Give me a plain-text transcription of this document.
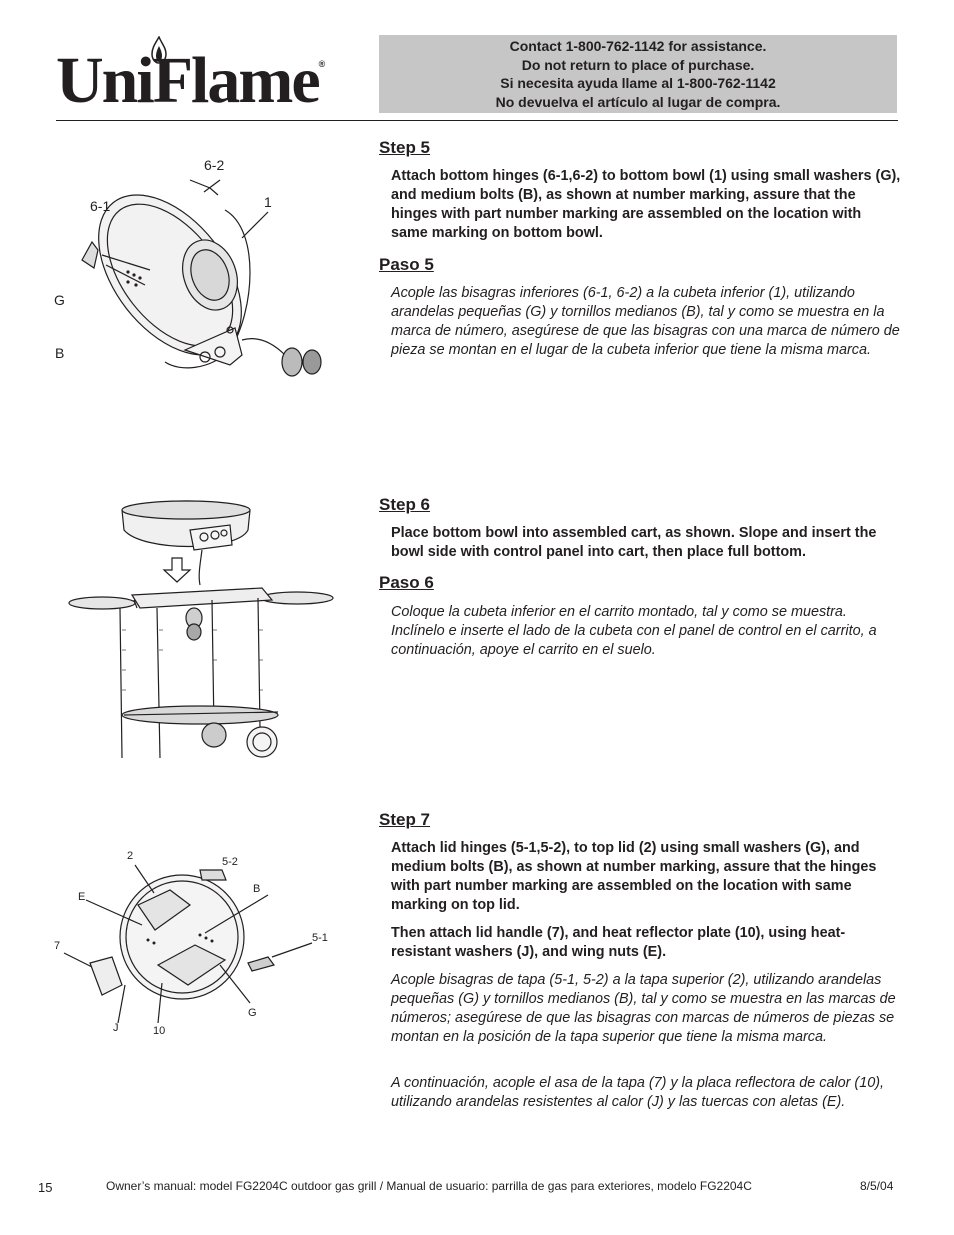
UniFlame®
Contact 1-800-762-1142 for assistance.
Do not return to place of purchase.
Si necesita ayuda llame al 1-800-762-1142
No devuelva el artículo al lugar de compra.
6-2
6-1	1
G
B
Step 5
Attach bottom hinges (6-1,6-2) to bottom bowl (1) using small washers (G), and medium bolts (B), as shown at number marking, assure that the hinges with part number marking are assembled on the location with same marking on bottom bowl.
Paso 5
Acople las bisagras inferiores (6-1, 6-2) a la cubeta inferior (1), utilizando arandelas pequeñas (G) y tornillos medianos (B), tal y como se muestra en la marca de número, asegúrese de que las bisagras con una marca de número de pieza se montan en el lugar de la cubeta inferior que tiene la misma marca.
Step 6
Place bottom bowl into assembled cart, as shown. Slope and insert the bowl side with control panel into cart, then place full bottom.
Paso 6
Coloque la cubeta inferior en el carrito montado, tal y como se muestra. Inclínelo e inserte el lado de la cubeta con el panel de control en el carrito, a continuación, apoye el carrito en el suelo.
2	5-2
E
B
5-1
7
G
J	10
Step 7
Attach lid hinges (5-1,5-2), to top lid (2) using small washers (G), and medium bolts (B), as shown at number marking, assure that the hinges with part number marking are assembled on the location with same marking on top lid.
Then attach lid handle (7), and heat reflector plate (10), using heat-resistant washers (J), and wing nuts (E).
Acople bisagras de tapa (5-1, 5-2) a la tapa superior (2), utilizando arandelas pequeñas (G) y tornillos medianos (B), tal y como se muestra en las marcas de números; asegúrese de que las bisagras con marcas de números de piezas se montan en la posición de la tapa superior que tiene la misma marca.
A continuación, acople el asa de la tapa (7) y la placa reflectora de calor (10), utilizando arandelas resistentes al calor (J) y las tuercas con aletas (E).
15	Owner’s manual: model FG2204C outdoor gas grill / Manual de usuario: parrilla de gas para exteriores, modelo FG2204C	8/5/04
